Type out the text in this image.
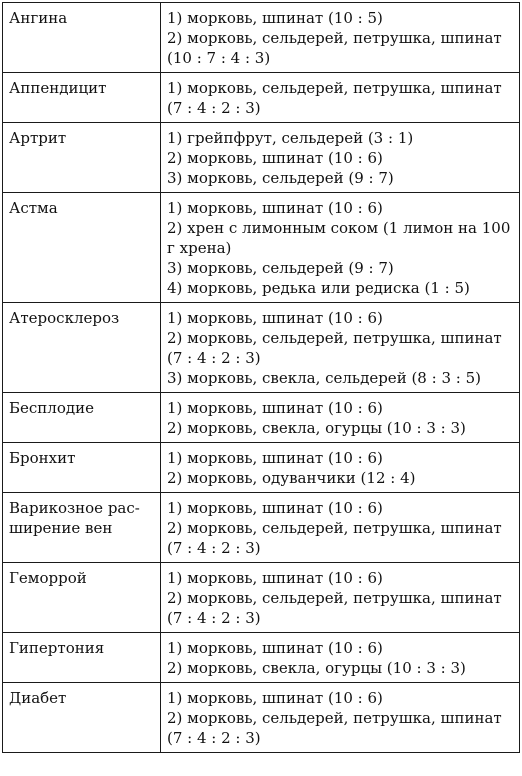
Ангина	1) морковь, шпинат (10 : 5)
2) морковь, сельдерей, петрушка, шпинат (10 : 7 : 4 : 3)

Аппендицит	1) морковь, сельдерей, петрушка, шпинат (7 : 4 : 2 : 3)

Артрит	1) грейпфрут, сельдерей (3 : 1)
2) морковь, шпинат (10 : 6)
3) морковь, сельдерей (9 : 7)

Астма	1) морковь, шпинат (10 : 6)
2) хрен с лимонным соком (1 лимон на 100 г хрена)
3) морковь, сельдерей (9 : 7)
4) морковь, редька или редиска (1 : 5)

Атеросклероз	1) морковь, шпинат (10 : 6)
2) морковь, сельдерей, петрушка, шпинат (7 : 4 : 2 : 3)
3) морковь, свекла, сельдерей (8 : 3 : 5)

Бесплодие	1) морковь, шпинат (10 : 6)
2) морковь, свекла, огурцы (10 : 3 : 3)

Бронхит	1) морковь, шпинат (10 : 6)
2) морковь, одуванчики (12 : 4)

Варикозное расширение вен	1) морковь, шпинат (10 : 6)
2) морковь, сельдерей, петрушка, шпинат (7 : 4 : 2 : 3)

Геморрой	1) морковь, шпинат (10 : 6)
2) морковь, сельдерей, петрушка, шпинат (7 : 4 : 2 : 3)

Гипертония	1) морковь, шпинат (10 : 6)
2) морковь, свекла, огурцы (10 : 3 : 3)

Диабет	1) морковь, шпинат (10 : 6)
2) морковь, сельдерей, петрушка, шпинат (7 : 4 : 2 : 3)
